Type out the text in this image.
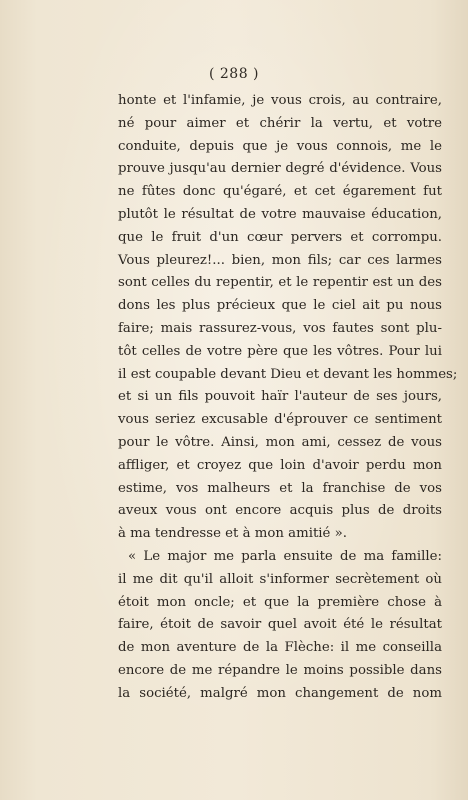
( 288 )
honte et l'infamie, je vous crois, au contraire,
né pour aimer et chérir la vertu, et votre
conduite, depuis que je vous connois, me le
prouve jusqu'au dernier degré d'évidence. Vous
ne fûtes donc qu'égaré, et cet égarement fut
plutôt le résultat de votre mauvaise éducation,
que le fruit d'un cœur pervers et corrompu.
Vous pleurez!... bien, mon fils; car ces larmes
sont celles du repentir, et le repentir est un des
dons les plus précieux que le ciel ait pu nous
faire; mais rassurez-vous, vos fautes sont plu-
tôt celles de votre père que les vôtres. Pour lui
il est coupable devant Dieu et devant les hommes;
et si un fils pouvoit haïr l'auteur de ses jours,
vous seriez excusable d'éprouver ce sentiment
pour le vôtre. Ainsi, mon ami, cessez de vous
affliger, et croyez que loin d'avoir perdu mon
estime, vos malheurs et la franchise de vos
aveux vous ont encore acquis plus de droits
à ma tendresse et à mon amitié ».
« Le major me parla ensuite de ma famille:
il me dit qu'il alloit s'informer secrètement où
étoit mon oncle; et que la première chose à
faire, étoit de savoir quel avoit été le résultat
de mon aventure de la Flèche: il me conseilla
encore de me répandre le moins possible dans
la société, malgré mon changement de nom
